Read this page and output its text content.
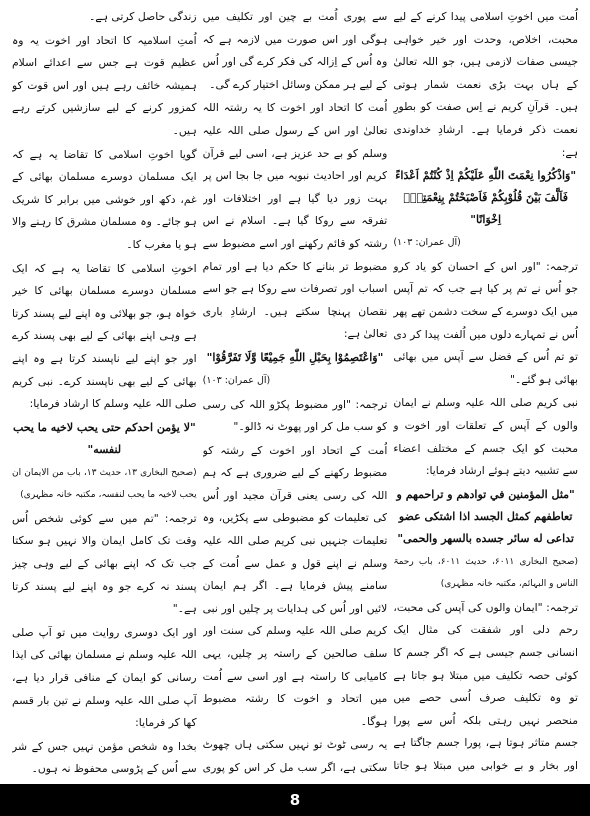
اُمت میں اخوتِ اسلامی پیدا کرنے کے لیے محبت، اخلاص، وحدت اور خیر خواہی جیسی صفات لازمی ہیں، جو اللہ تعالیٰ کے ہاں بہت بڑی نعمت شمار ہوتی ہیں۔ قرآنِ کریم نے اِس صفت کو بطورِ نعمت ذکر فرمایا ہے۔ ارشادِ خداوندی ہے:

"وَاذْكُرُوا نِعْمَتَ اللّٰهِ عَلَيْكُمْ اِذْ كُنْتُمْ اَعْدَاءً فَاَلَّفَ بَيْنَ قُلُوْبِكُمْ فَاَصْبَحْتُمْ بِنِعْمَتِهٖٓ اِخْوَانًا"

(آل عمران: ۱۰۳)

ترجمہ: "اور اس کے احسان کو یاد کرو جو اُس نے تم پر کیا ہے جب کہ تم آپس میں ایک دوسرے کے سخت دشمن تھے پھر اُس نے تمہارے دلوں میں اُلفت پیدا کر دی تو تم اُس کے فضل سے آپس میں بھائی بھائی ہو گئے۔"

نبی کریم صلی اللہ علیہ وسلم نے ایمان والوں کے آپس کے تعلقات اور اخوت و محبت کو ایک جسم کے مختلف اعضاء سے تشبیہ دیتے ہوئے ارشاد فرمایا:

"مثل المؤمنين في توادهم و تراحمهم و تعاطفهم كمثل الجسد اذا اشتكى عضو تداعى له سائر جسده بالسهر والحمى"

(صحیح البخاری ۶۰۱۱، حدیث ۶۰۱۱، باب رحمۃ الناس و البہائم، مکتبہ خانہ مظہری)

ترجمہ: "ایمان والوں کی آپس کی محبت، رحم دلی اور شفقت کی مثال ایک انسانی جسم جیسی ہے کہ اگر جسم کا کوئی حصہ تکلیف میں مبتلا ہو جاتا ہے تو وہ تکلیف صرف اُسی حصے میں منحصر نہیں رہتی بلکہ اُس سے پورا جسم متاثر ہوتا ہے، پورا جسم جاگتا ہے اور بخار و بے خوابی میں مبتلا ہو جاتا

سے پوری اُمت بے چین اور تکلیف میں ہوگی اور اس صورت میں لازمہ ہے کہ وہ اُس کے اِزالہ کی فکر کرے گی اور اُس کے لیے ہر ممکن وسائل اختیار کرے گی۔

اُمت کا اتحاد اور اخوت کا یہ رشتہ اللہ تعالیٰ اور اس کے رسول صلی اللہ علیہ وسلم کو بے حد عزیز ہے، اسی لیے قرآن کریم اور احادیث نبویہ میں جا بجا اس پر بہت زور دیا گیا ہے اور اختلافات اور تفرقہ سے روکا گیا ہے۔ اسلام نے اس رشتہ کو قائم رکھنے اور اسے مضبوط سے مضبوط تر بنانے کا حکم دیا ہے اور تمام اسباب اور تصرفات سے روکا ہے جو اسے نقصان پہنچا سکتے ہیں۔ ارشادِ باری تعالیٰ ہے:

"وَاعْتَصِمُوْا بِحَبْلِ اللّٰهِ جَمِيْعًا وَّلَا تَفَرَّقُوْا"

(آل عمران: ۱۰۳)

ترجمہ: "اور مضبوط پکڑو اللہ کی رسی کو سب مل کر اور پھوٹ نہ ڈالو۔"

اُمت کے اتحاد اور اخوت کے رشتہ کو مضبوط رکھنے کے لیے ضروری ہے کہ ہم اللہ کی رسی یعنی قرآن مجید اور اُس کی تعلیمات کو مضبوطی سے پکڑیں، وہ تعلیمات جنہیں نبی کریم صلی اللہ علیہ وسلم نے اپنے قول و عمل سے اُمت کے سامنے پیش فرمایا ہے۔ اگر ہم ایمان لائیں اور اُس کی ہدایات پر چلیں اور نبی کریم صلی اللہ علیہ وسلم کی سنت اور سلف صالحین کے راستہ پر چلیں، یہی کامیابی کا راستہ ہے اور اسی سے اُمت میں اتحاد و اخوت کا رشتہ مضبوط ہوگا۔

یہ رسی ٹوٹ تو نہیں سکتی ہاں چھوٹ سکتی ہے، اگر سب مل کر اس کو پوری

زندگی حاصل کرتی ہے۔

اُمتِ اسلامیہ کا اتحاد اور اخوت یہ وہ عظیم قوت ہے جس سے اعدائے اسلام ہمیشہ خائف رہے ہیں اور اس قوت کو کمزور کرنے کے لیے سازشیں کرتے رہے ہیں۔

گویا اخوتِ اسلامی کا تقاضا یہ ہے کہ ایک مسلمان دوسرے مسلمان بھائی کے غم، دکھ اور خوشی میں برابر کا شریک ہو جائے۔ وہ مسلمان مشرق کا رہنے والا ہو یا مغرب کا۔

اخوتِ اسلامی کا تقاضا یہ ہے کہ ایک مسلمان دوسرے مسلمان بھائی کا خیر خواہ ہو، جو بھلائی وہ اپنے لیے پسند کرتا ہے وہی اپنے بھائی کے لیے بھی پسند کرے اور جو اپنے لیے ناپسند کرتا ہے وہ اپنے بھائی کے لیے بھی ناپسند کرے۔ نبی کریم صلی اللہ علیہ وسلم کا ارشاد فرمایا:

"لا يؤمن احدكم حتى يحب لاخيه ما يحب لنفسه"

(صحیح البخاری ۱۳، حدیث ۱۳، باب من الایمان ان یحب لاخیہ ما یحب لنفسہ، مکتبہ خانہ مظہری)

ترجمہ: "تم میں سے کوئی شخص اُس وقت تک کامل ایمان والا نہیں ہو سکتا جب تک کہ اپنے بھائی کے لیے وہی چیز پسند نہ کرے جو وہ اپنے لیے پسند کرتا ہے۔"

اور ایک دوسری روایت میں تو آپ صلی اللہ علیہ وسلم نے مسلمان بھائی کی ایذا رسانی کو ایمان کے منافی قرار دیا ہے، آپ صلی اللہ علیہ وسلم نے تین بار قسم کھا کر فرمایا:

بخدا وہ شخص مؤمن نہیں جس کے شر سے اُس کے پڑوسی محفوظ نہ ہوں۔

8
